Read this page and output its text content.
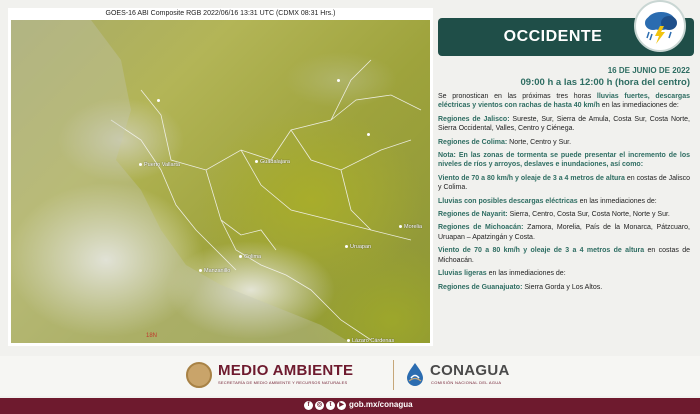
GOES-16 ABI Composite RGB 2022/06/16 13:31 UTC (CDMX 08:31 Hrs.)
Puerto Vallarta	Guadalajara
Colima
Manzanillo
Uruapan
Morelia
Lázaro Cárdenas
18N
OCCIDENTE
16 DE JUNIO DE 2022
09:00 h a las 12:00 h (hora del centro)

Se pronostican en las próximas tres horas lluvias fuertes, descargas eléctricas y vientos con rachas de hasta 40 km/h en las inmediaciones de:

Regiones de Jalisco: Sureste, Sur, Sierra de Amula, Costa Sur, Costa Norte, Sierra Occidental, Valles, Centro y Ciénega.

Regiones de Colima: Norte, Centro y Sur.

Nota: En las zonas de tormenta se puede presentar el incremento de los niveles de ríos y arroyos, deslaves e inundaciones, así como:

Viento de 70 a 80 km/h y oleaje de 3 a 4 metros de altura en costas de Jalisco y Colima.

Lluvias con posibles descargas eléctricas en las inmediaciones de:

Regiones de Nayarit: Sierra, Centro, Costa Sur, Costa Norte, Norte y Sur.

Regiones de Michoacán: Zamora, Morelia, País de la Monarca, Pátzcuaro, Uruapan – Apatzingán y Costa.

Viento de 70 a 80 km/h y oleaje de 3 a 4 metros de altura en costas de Michoacán.

Lluvias ligeras en las inmediaciones de:

Regiones de Guanajuato: Sierra Gorda y Los Altos.

MEDIO AMBIENTE
SECRETARÍA DE MEDIO AMBIENTE Y RECURSOS NATURALES
CONAGUA
COMISIÓN NACIONAL DEL AGUA
f	◎	t	▶ gob.mx/conagua
